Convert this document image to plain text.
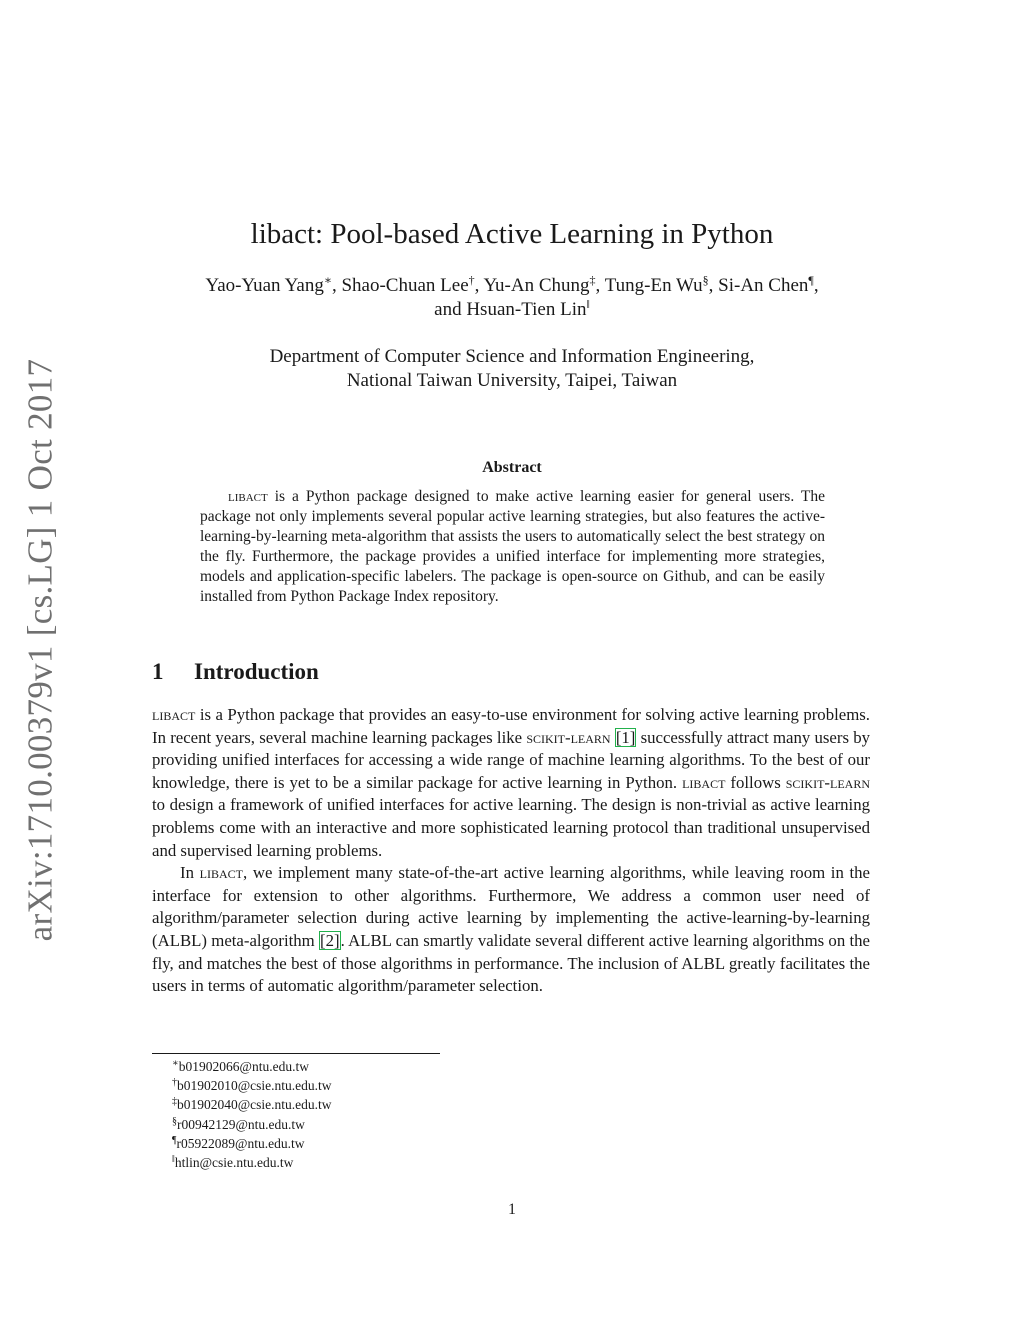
arXiv:1710.00379v1 [cs.LG] 1 Oct 2017
libact: Pool-based Active Learning in Python
Yao-Yuan Yang∗, Shao-Chuan Lee†, Yu-An Chung‡, Tung-En Wu§, Si-An Chen¶,
and Hsuan-Tien Lin‖
Department of Computer Science and Information Engineering,
National Taiwan University, Taipei, Taiwan
Abstract

libact is a Python package designed to make active learning easier for general users. The package not only implements several popular active learning strategies, but also features the active-learning-by-learning meta-algorithm that assists the users to automatically select the best strategy on the fly. Furthermore, the package provides a unified interface for implementing more strategies, models and application-specific labelers. The package is open-source on Github, and can be easily installed from Python Package Index repository.

1 Introduction

libact is a Python package that provides an easy-to-use environment for solving active learning problems. In recent years, several machine learning packages like scikit-learn [1] successfully attract many users by providing unified interfaces for accessing a wide range of machine learning algorithms. To the best of our knowledge, there is yet to be a similar package for active learning in Python. libact follows scikit-learn to design a framework of unified interfaces for active learning. The design is non-trivial as active learning problems come with an interactive and more sophisticated learning protocol than traditional unsupervised and supervised learning problems.

In libact, we implement many state-of-the-art active learning algorithms, while leaving room in the interface for extension to other algorithms. Furthermore, We address a common user need of algorithm/parameter selection during active learning by implementing the active-learning-by-learning (ALBL) meta-algorithm [2]. ALBL can smartly validate several different active learning algorithms on the fly, and matches the best of those algorithms in performance. The inclusion of ALBL greatly facilitates the users in terms of automatic algorithm/parameter selection.

∗b01902066@ntu.edu.tw
†b01902010@csie.ntu.edu.tw
‡b01902040@csie.ntu.edu.tw
§r00942129@ntu.edu.tw
¶r05922089@ntu.edu.tw
‖htlin@csie.ntu.edu.tw
1
